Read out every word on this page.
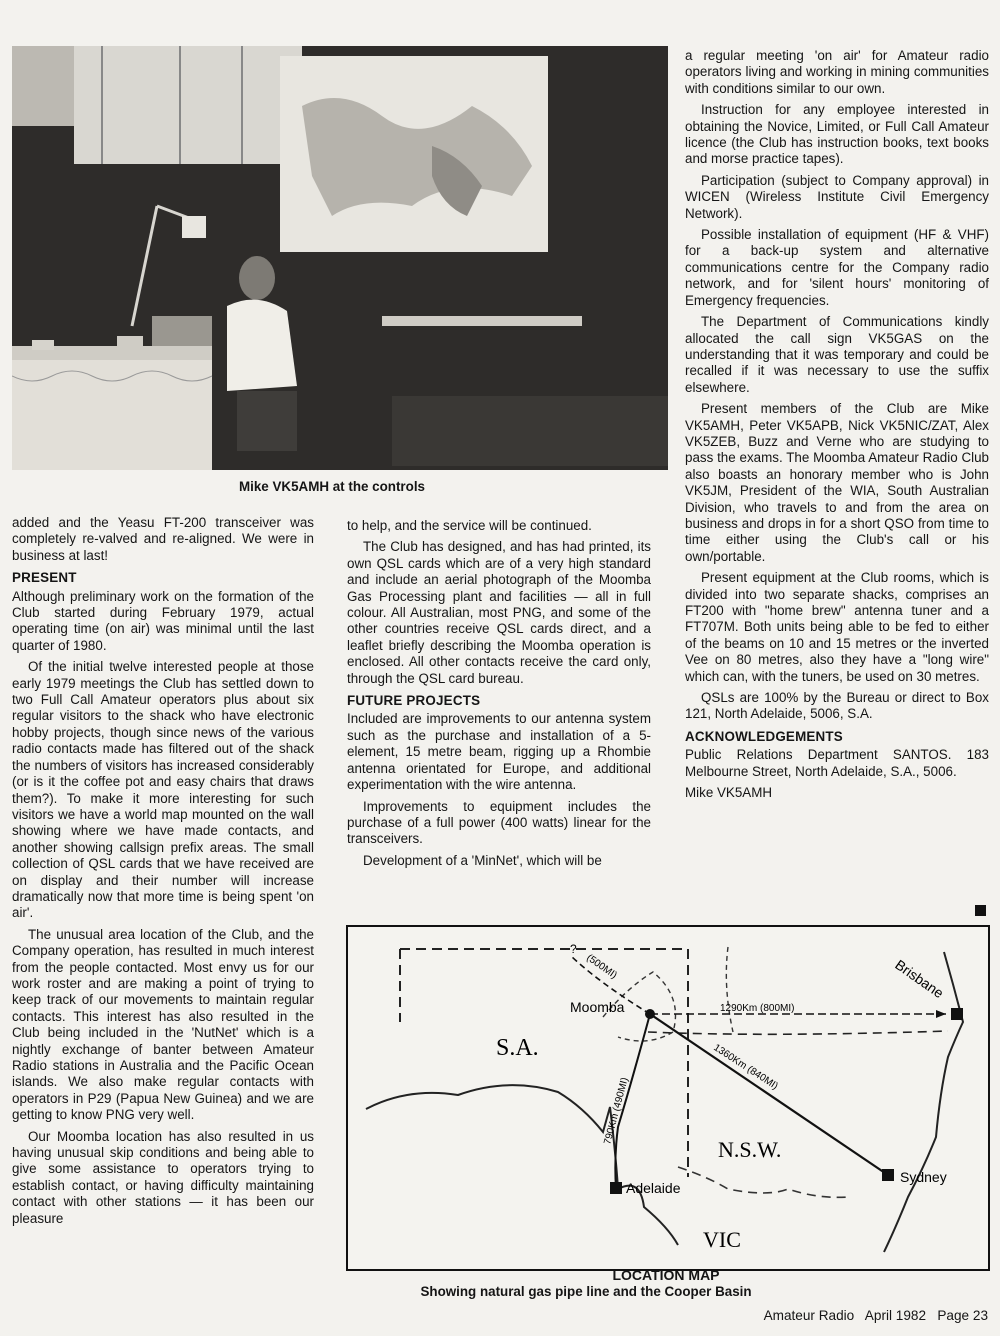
Mike VK5AMH at the controls

added and the Yeasu FT-200 transceiver was completely re-valved and re-aligned. We were in business at last!

PRESENT

Although preliminary work on the formation of the Club started during February 1979, actual operating time (on air) was minimal until the last quarter of 1980.

Of the initial twelve interested people at those early 1979 meetings the Club has settled down to two Full Call Amateur operators plus about six regular visitors to the shack who have electronic hobby projects, though since news of the various radio contacts made has filtered out of the shack the numbers of visitors has increased considerably (or is it the coffee pot and easy chairs that draws them?). To make it more interesting for such visitors we have a world map mounted on the wall showing where we have made contacts, and another showing callsign prefix areas. The small collection of QSL cards that we have received are on display and their number will increase dramatically now that more time is being spent 'on air'.

The unusual area location of the Club, and the Company operation, has resulted in much interest from the people contacted. Most envy us for our work roster and are making a point of trying to keep track of our movements to maintain regular contacts. This interest has also resulted in the Club being included in the 'NutNet' which is a nightly exchange of banter between Amateur Radio stations in Australia and the Pacific Ocean islands. We also make regular contacts with operators in P29 (Papua New Guinea) and we are getting to know PNG very well.

Our Moomba location has also resulted in us having unusual skip conditions and being able to give some assistance to operators trying to establish contact, or having difficulty maintaining contact with other stations — it has been our pleasure

to help, and the service will be continued.

The Club has designed, and has had printed, its own QSL cards which are of a very high standard and include an aerial photograph of the Moomba Gas Processing plant and facilities — all in full colour. All Australian, most PNG, and some of the other countries receive QSL cards direct, and a leaflet briefly describing the Moomba operation is enclosed. All other contacts receive the card only, through the QSL card bureau.

FUTURE PROJECTS

Included are improvements to our antenna system such as the purchase and installation of a 5-element, 15 metre beam, rigging up a Rhombie antenna orientated for Europe, and additional experimentation with the wire antenna.

Improvements to equipment includes the purchase of a full power (400 watts) linear for the transceivers.

Development of a 'MinNet', which will be

a regular meeting 'on air' for Amateur radio operators living and working in mining communities with conditions similar to our own.

Instruction for any employee interested in obtaining the Novice, Limited, or Full Call Amateur licence (the Club has instruction books, text books and morse practice tapes).

Participation (subject to Company approval) in WICEN (Wireless Institute Civil Emergency Network).

Possible installation of equipment (HF & VHF) for a back-up system and alternative communications centre for the Company radio network, and for 'silent hours' monitoring of Emergency frequencies.

The Department of Communications kindly allocated the call sign VK5GAS on the understanding that it was temporary and could be recalled if it was necessary to use the suffix elsewhere.

Present members of the Club are Mike VK5AMH, Peter VK5APB, Nick VK5NIC/ZAT, Alex VK5ZEB, Buzz and Verne who are studying to pass the exams. The Moomba Amateur Radio Club also boasts an honorary member who is John VK5JM, President of the WIA, South Australian Division, who travels to and from the area on business and drops in for a short QSO from time to time either using the Club's call or his own/portable.

Present equipment at the Club rooms, which is divided into two separate shacks, comprises an FT200 with "home brew" antenna tuner and a FT707M. Both units being able to be fed to either of the beams on 10 and 15 metres or the inverted Vee on 80 metres, also they have a "long wire" which can, with the tuners, be used on 30 metres.

QSLs are 100% by the Bureau or direct to Box 121, North Adelaide, 5006, S.A.

ACKNOWLEDGEMENTS

Public Relations Department SANTOS. 183 Melbourne Street, North Adelaide, S.A., 5006.

Mike VK5AMH

S.A.
N.S.W.
VIC
Moomba
Brisbane
Sydney
Adelaide
1290Km (800MI)
1360Km (840MI)
790Km (490MI)
(500MI)
?
LOCATION MAP
Showing natural gas pipe line and the Cooper Basin
Amateur Radio   April 1982   Page 23
